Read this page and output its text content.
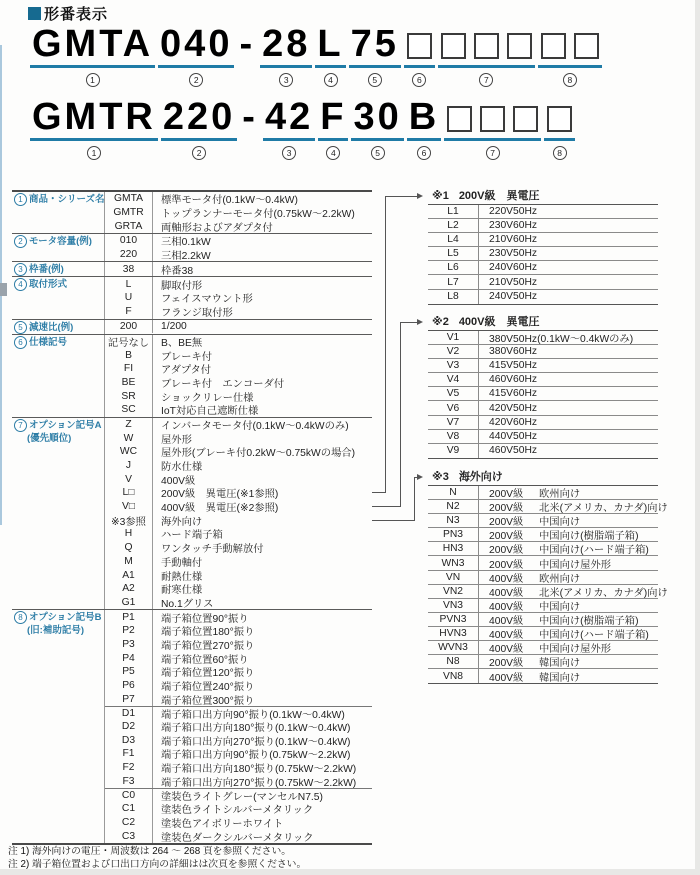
形番表示
GMTA
1
040
2
- 28
3
L
4
75
5	6	7	8
GMTR
1
220
2
- 42
3
F
4
30
5
B
6	7	8
1 商品・シリーズ名 GMTA	標準モータ付(0.1kW〜0.4kW)
GMTR	トップランナーモータ付(0.75kW〜2.2kW)
GRTA	両軸形およびアダプタ付
2 モータ容量(例)	010	三相0.1kW
220	三相2.2kW
3 枠番(例)	38	枠番38
4 取付形式	L	脚取付形
U	フェイスマウント形
F	フランジ取付形
5 減速比(例)	200	1/200
6 仕様記号	記号なし	B、BE無
B	ブレーキ付
FI	アダプタ付
BE	ブレーキ付　エンコーダ付
SR	ショックリレー仕様
SC	IoT対応自己遮断仕様
7 オプション記号A
(優先順位)
Z	インバータモータ付(0.1kW〜0.4kWのみ)
W	屋外形
WC	屋外形(ブレーキ付0.2kW〜0.75kWの場合)
J	防水仕様
V	400V級
L□	200V級　異電圧(※1参照)
V□	400V級　異電圧(※2参照)
※3参照	海外向け
H	ハード端子箱
Q	ワンタッチ手動解放付
M	手動軸付
A1	耐熱仕様
A2	耐寒仕様
G1	No.1グリス
8 オプション記号B
(旧:補助記号)
P1	端子箱位置90°振り
P2	端子箱位置180°振り
P3	端子箱位置270°振り
P4	端子箱位置60°振り
P5	端子箱位置120°振り
P6	端子箱位置240°振り
P7	端子箱位置300°振り
D1	端子箱口出方向90°振り(0.1kW〜0.4kW)
D2	端子箱口出方向180°振り(0.1kW〜0.4kW)
D3	端子箱口出方向270°振り(0.1kW〜0.4kW)
F1	端子箱口出方向90°振り(0.75kW〜2.2kW)
F2	端子箱口出方向180°振り(0.75kW〜2.2kW)
F3	端子箱口出方向270°振り(0.75kW〜2.2kW)
C0	塗装色ライトグレー(マンセルN7.5)
C1	塗装色ライトシルバーメタリック
C2	塗装色アイボリーホワイト
C3	塗装色ダークシルバーメタリック
※1 200V級　異電圧
L1	220V50Hz
L2	230V60Hz
L4	210V60Hz
L5	230V50Hz
L6	240V60Hz
L7	210V50Hz
L8	240V50Hz
※2 400V級　異電圧
V1	380V50Hz(0.1kW〜0.4kWのみ)
V2	380V60Hz
V3	415V50Hz
V4	460V60Hz
V5	415V60Hz
V6	420V50Hz
V7	420V60Hz
V8	440V50Hz
V9	460V50Hz
※3 海外向け
N	200V級	欧州向け
N2	200V級	北米(アメリカ、カナダ)向け
N3	200V級	中国向け
PN3	200V級	中国向け(樹脂端子箱)
HN3	200V級	中国向け(ハード端子箱)
WN3	200V級	中国向け屋外形
VN	400V級	欧州向け
VN2	400V級	北米(アメリカ、カナダ)向け
VN3	400V級	中国向け
PVN3	400V級	中国向け(樹脂端子箱)
HVN3	400V級	中国向け(ハード端子箱)
WVN3	400V級	中国向け屋外形
N8	200V級	韓国向け
VN8	400V級	韓国向け
注 1) 海外向けの電圧・周波数は 264 〜 268 頁を参照ください。
注 2) 端子箱位置および口出口方向の詳細はは次頁を参照ください。
